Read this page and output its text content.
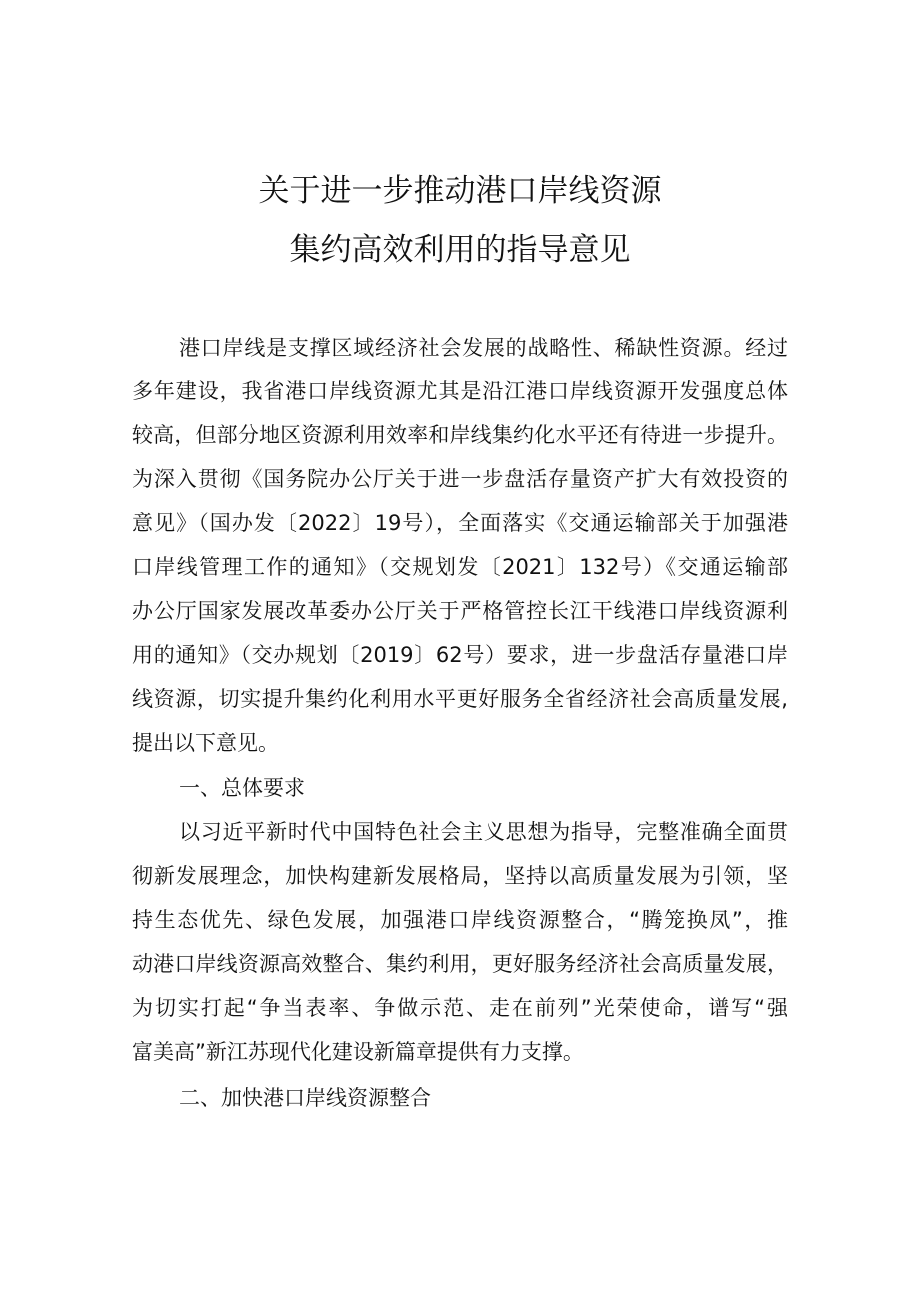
关于进一步推动港口岸线资源
集约高效利用的指导意见
港口岸线是支撑区域经济社会发展的战略性、稀缺性资源。经过
多年建设，我省港口岸线资源尤其是沿江港口岸线资源开发强度总体
较高，但部分地区资源利用效率和岸线集约化水平还有待进一步提升。
为深入贯彻《国务院办公厅关于进一步盘活存量资产扩大有效投资的
意见》（国办发〔2022〕19号），全面落实《交通运输部关于加强港
口岸线管理工作的通知》（交规划发〔2021〕132号）《交通运输部
办公厅国家发展改革委办公厅关于严格管控长江干线港口岸线资源利
用的通知》（交办规划〔2019〕62号）要求，进一步盘活存量港口岸
线资源，切实提升集约化利用水平更好服务全省经济社会高质量发展,
提出以下意见。
一、总体要求
以习近平新时代中国特色社会主义思想为指导，完整准确全面贯
彻新发展理念，加快构建新发展格局，坚持以高质量发展为引领，坚
持生态优先、绿色发展，加强港口岸线资源整合，“腾笼换凤”，推
动港口岸线资源高效整合、集约利用，更好服务经济社会高质量发展，
为切实打起“争当表率、争做示范、走在前列”光荣使命，谱写“强
富美高”新江苏现代化建设新篇章提供有力支撑。
二、加快港口岸线资源整合
